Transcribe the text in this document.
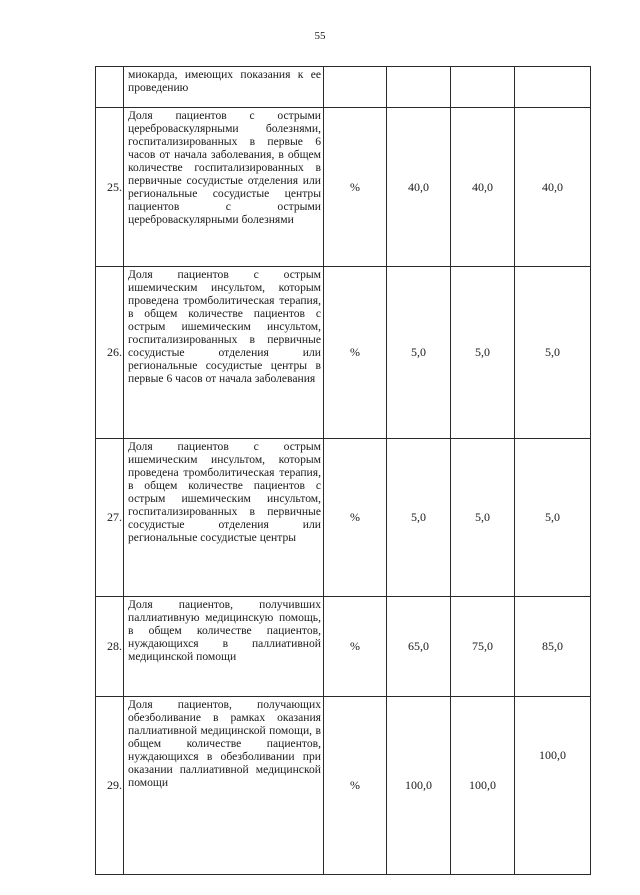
55

	миокарда, имеющих показания к ее проведению				

25.	Доля пациентов с острыми цереброваскулярными болезнями, госпитализированных в первые 6 часов от начала заболевания, в общем количестве госпитализированных в первичные сосудистые отделения или региональные сосудистые центры пациентов с острыми цереброваскулярными болезнями	%	40,0	40,0	40,0
26.	Доля пациентов с острым ишемическим инсультом, которым проведена тромболитическая терапия, в общем количестве пациентов с острым ишемическим инсультом, госпитализированных в первичные сосудистые отделения или региональные сосудистые центры в первые 6 часов от начала заболевания	%	5,0	5,0	5,0
27.	Доля пациентов с острым ишемическим инсультом, которым проведена тромболитическая терапия, в общем количестве пациентов с острым ишемическим инсультом, госпитализированных в первичные сосудистые отделения или региональные сосудистые центры	%	5,0	5,0	5,0
28.	Доля пациентов, получивших паллиативную медицинскую помощь, в общем количестве пациентов, нуждающихся в паллиативной медицинской помощи	%	65,0	75,0	85,0
29.	Доля пациентов, получающих обезболивание в рамках оказания паллиативной медицинской помощи, в общем количестве пациентов, нуждающихся в обезболивании при оказании паллиативной медицинской помощи	%	100,0	100,0	100,0
